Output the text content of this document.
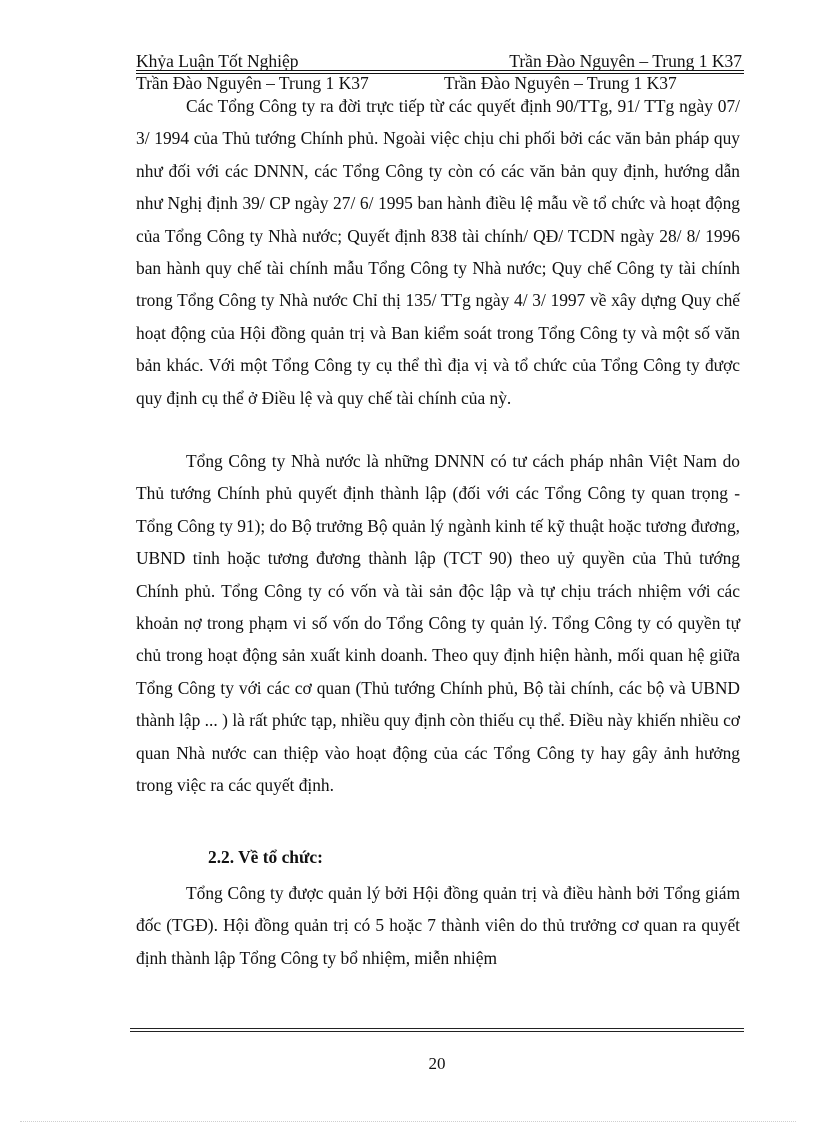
Khỷa Luận Tốt Nghiệp	Trần Đào Nguyên – Trung 1 K37
Trần Đào Nguyên – Trung 1 K37	Trần Đào Nguyên – Trung 1 K37

Các Tổng Công ty ra đời trực tiếp từ các quyết định 90/TTg, 91/ TTg ngày 07/ 3/ 1994 của Thủ tướng Chính phủ. Ngoài việc chịu chi phối bởi các văn bản pháp quy như đối với các DNNN, các Tổng Công ty còn có các văn bản quy định, hướng dẫn như Nghị định 39/ CP ngày 27/ 6/ 1995 ban hành điều lệ mẫu về tổ chức và hoạt động của Tổng Công ty Nhà nước; Quyết định 838 tài chính/ QĐ/ TCDN ngày 28/ 8/ 1996 ban hành quy chế tài chính mẫu Tổng Công ty Nhà nước; Quy chế Công ty tài chính trong Tổng Công ty Nhà nước Chỉ thị 135/ TTg ngày 4/ 3/ 1997 về xây dựng Quy chế hoạt động của Hội đồng quản trị và Ban kiểm soát trong Tổng Công ty và một số văn bản khác. Với một Tổng Công ty cụ thể thì địa vị và tổ chức của Tổng Công ty được quy định cụ thể ở Điều lệ và quy chế tài chính của nỳ.

Tổng Công ty Nhà nước là những DNNN có tư cách pháp nhân Việt Nam do Thủ tướng Chính phủ quyết định thành lập (đối với các Tổng Công ty quan trọng - Tổng Công ty 91); do Bộ trưởng Bộ quản lý ngành kinh tế kỹ thuật hoặc tương đương, UBND tỉnh hoặc tương đương thành lập (TCT 90) theo uỷ quyền của Thủ tướng Chính phủ. Tổng Công ty có vốn và tài sản độc lập và tự chịu trách nhiệm với các khoản nợ trong phạm vi số vốn do Tổng Công ty quản lý. Tổng Công ty có quyền tự chủ trong hoạt động sản xuất kinh doanh. Theo quy định hiện hành, mối quan hệ giữa Tổng Công ty với các cơ quan (Thủ tướng Chính phủ, Bộ tài chính, các bộ và UBND thành lập ... ) là rất phức tạp, nhiều quy định còn thiếu cụ thể. Điều này khiến nhiều cơ quan Nhà nước can thiệp vào hoạt động của các Tổng Công ty hay gây ảnh hưởng trong việc ra các quyết định.

2.2. Về tổ chức:

Tổng Công ty được quản lý bởi Hội đồng quản trị và điều hành bởi Tổng giám đốc (TGĐ). Hội đồng quản trị có 5 hoặc 7 thành viên do thủ trưởng cơ quan ra quyết định thành lập Tổng Công ty bổ nhiệm, miễn nhiệm

20
